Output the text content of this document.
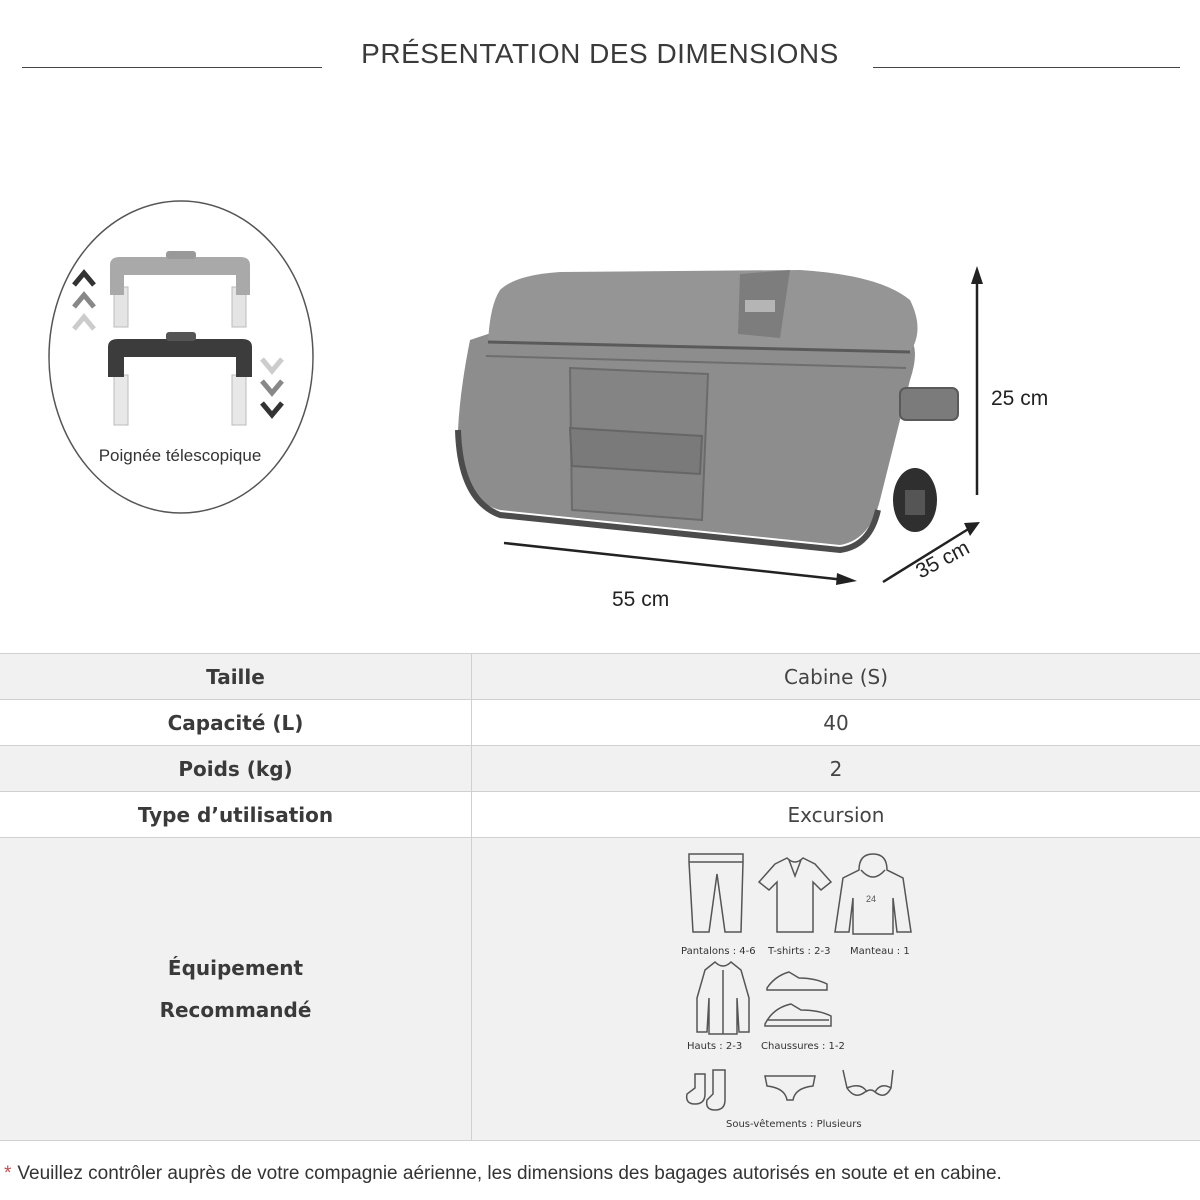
PRÉSENTATION DES DIMENSIONS
Poignée télescopique
25 cm
55 cm
35 cm
Taille	Cabine (S)
Capacité (L)	40
Poids (kg)	2
Type d’utilisation	Excursion

Équipement
Recommandé	

24
Pantalons : 4-6 T-shirts : 2-3 Manteau : 1
Hauts : 2-3 Chaussures : 1-2
Sous-vêtements : Plusieurs
* Veuillez contrôler auprès de votre compagnie aérienne, les dimensions des bagages autorisés en soute et en cabine.
